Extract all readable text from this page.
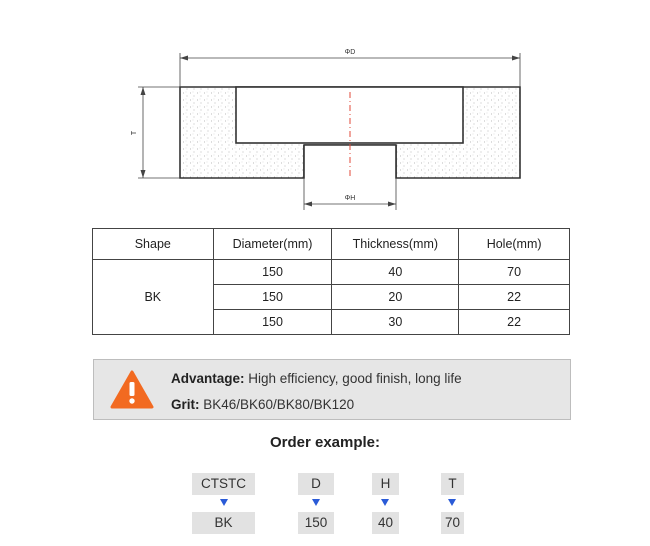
ΦD
T
ΦH
Shape	Diameter(mm)	Thickness(mm)	Hole(mm)
BK	150	40	70
	150	20	22
	150	30	22
Advantage: High efficiency, good finish, long life
Grit: BK46/BK60/BK80/BK120
Order example:
CTSTC	D	H	T
BK	150	40	70
